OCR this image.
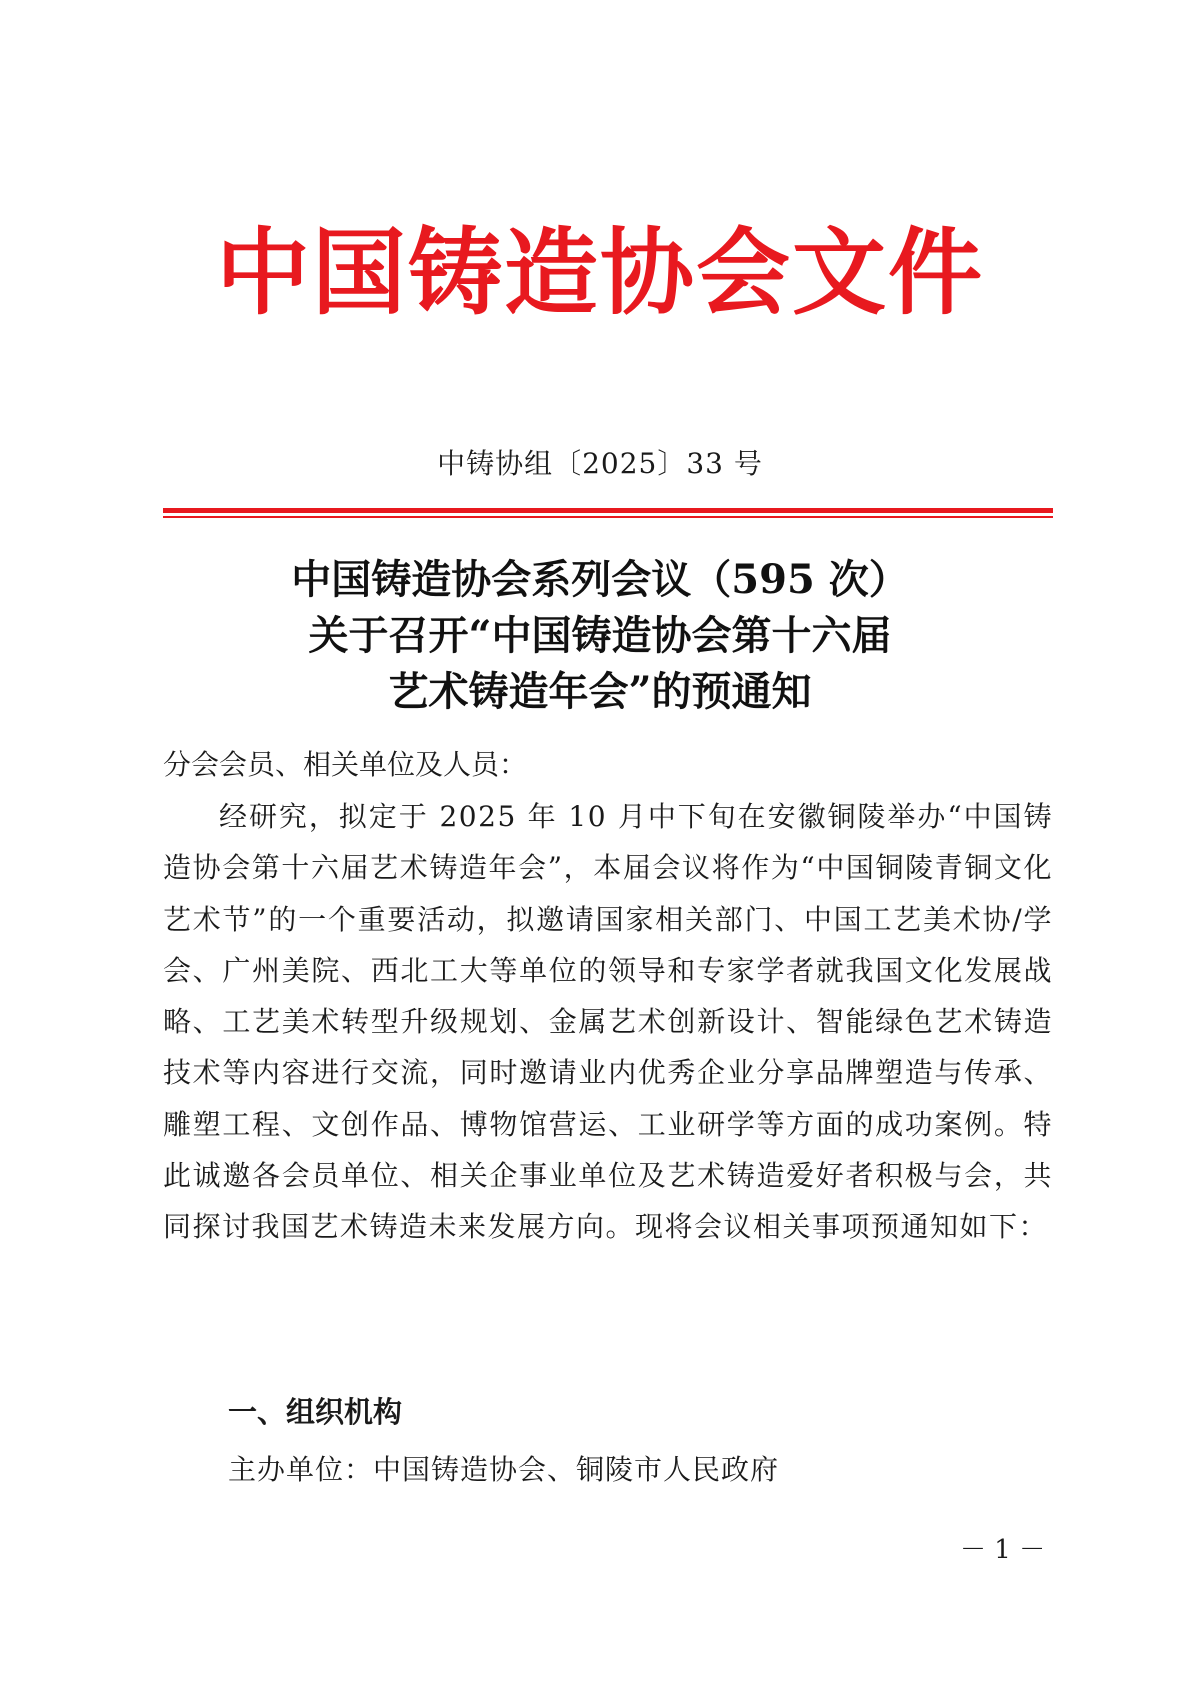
中国铸造协会文件
中铸协组〔2025〕33 号
中国铸造协会系列会议（595 次）
关于召开“中国铸造协会第十六届
艺术铸造年会”的预通知
分会会员、相关单位及人员：
经研究，拟定于 2025 年 10 月中下旬在安徽铜陵举办“中国铸造协会第十六届艺术铸造年会”，本届会议将作为“中国铜陵青铜文化艺术节”的一个重要活动，拟邀请国家相关部门、中国工艺美术协/学会、广州美院、西北工大等单位的领导和专家学者就我国文化发展战略、工艺美术转型升级规划、金属艺术创新设计、智能绿色艺术铸造技术等内容进行交流，同时邀请业内优秀企业分享品牌塑造与传承、雕塑工程、文创作品、博物馆营运、工业研学等方面的成功案例。特此诚邀各会员单位、相关企事业单位及艺术铸造爱好者积极与会，共同探讨我国艺术铸造未来发展方向。现将会议相关事项预通知如下：
一、组织机构
主办单位：中国铸造协会、铜陵市人民政府
－ 1 －
